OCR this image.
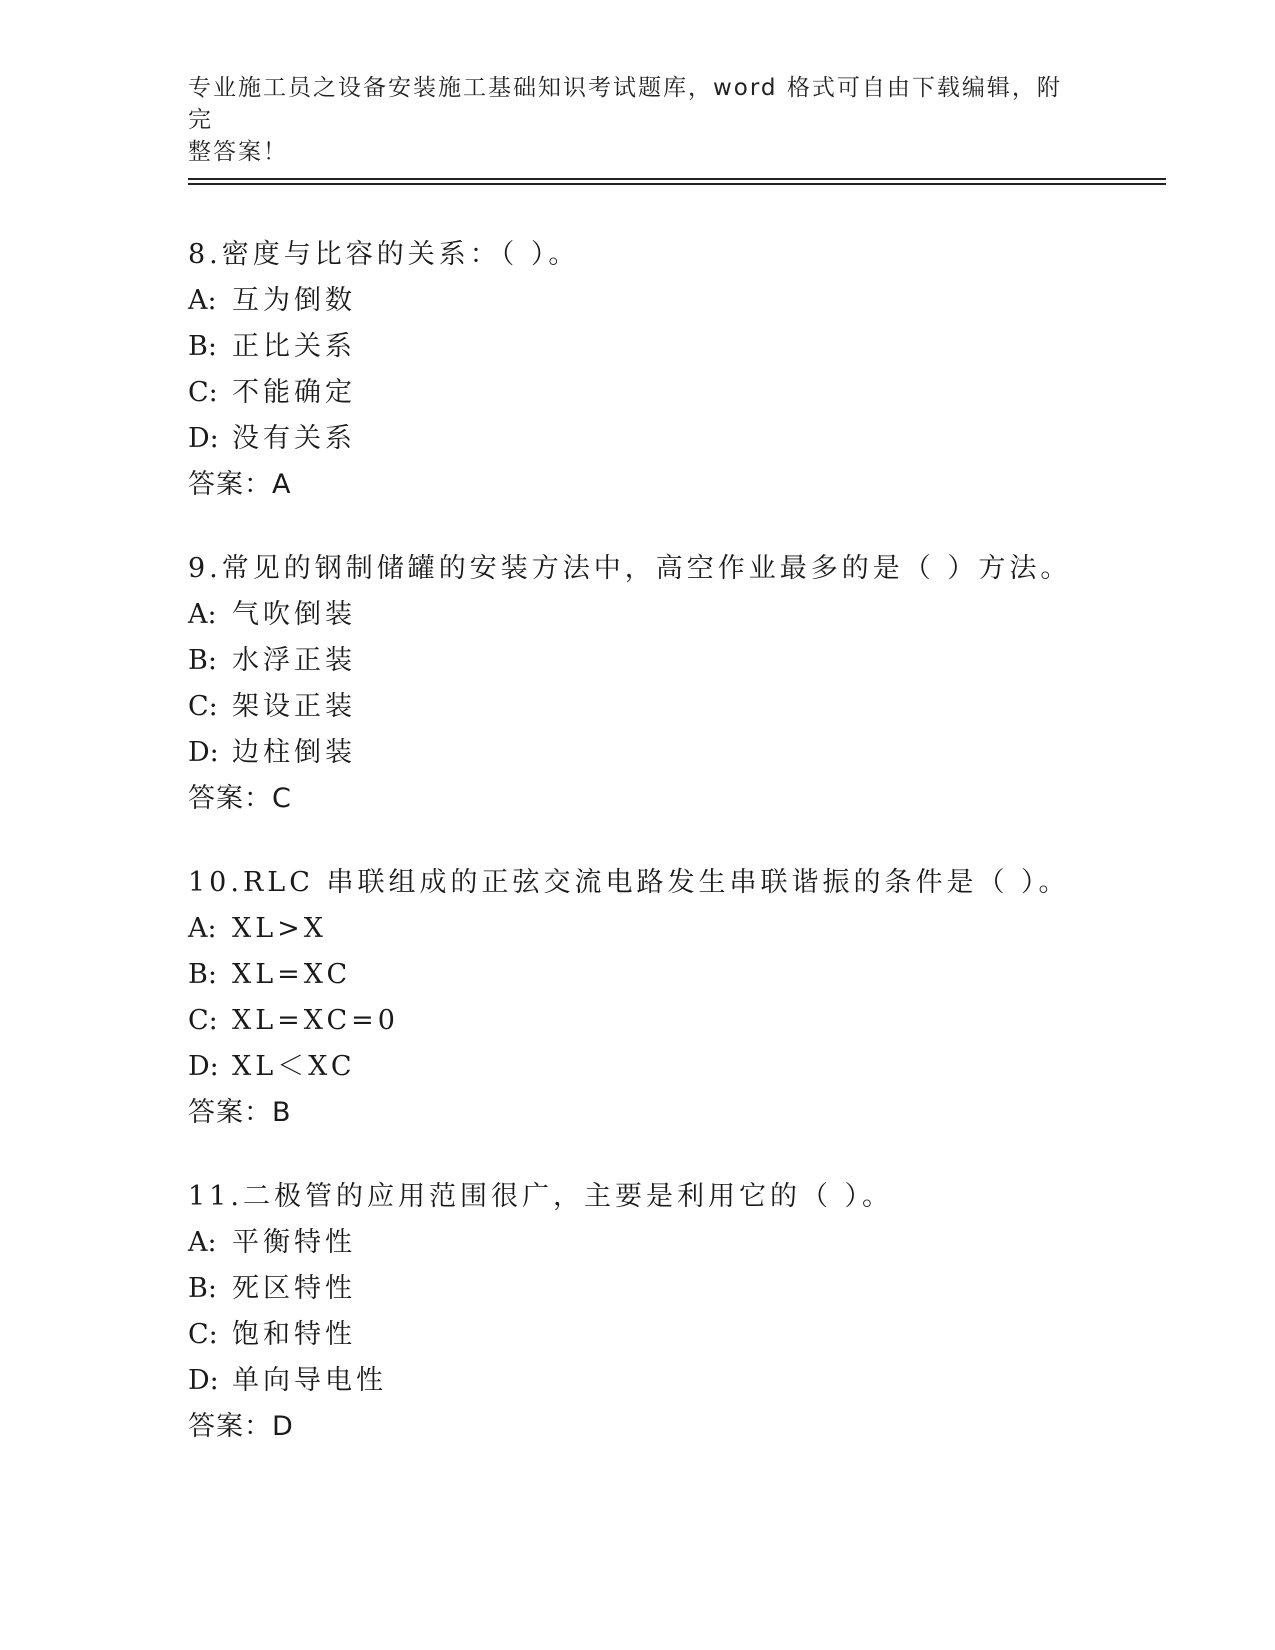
专业施工员之设备安装施工基础知识考试题库，word 格式可自由下载编辑，附完
整答案！
8.密度与比容的关系：（ ）。
A: 互为倒数
B: 正比关系
C: 不能确定
D: 没有关系
答案：A
9.常见的钢制储罐的安装方法中，高空作业最多的是（ ）方法。
A: 气吹倒装
B: 水浮正装
C: 架设正装
D: 边柱倒装
答案：C
10.RLC 串联组成的正弦交流电路发生串联谐振的条件是（ ）。
A: XL>X
B: XL=XC
C: XL=XC=0
D: XL＜XC
答案：B
11.二极管的应用范围很广，主要是利用它的（ ）。
A: 平衡特性
B: 死区特性
C: 饱和特性
D: 单向导电性
答案：D
